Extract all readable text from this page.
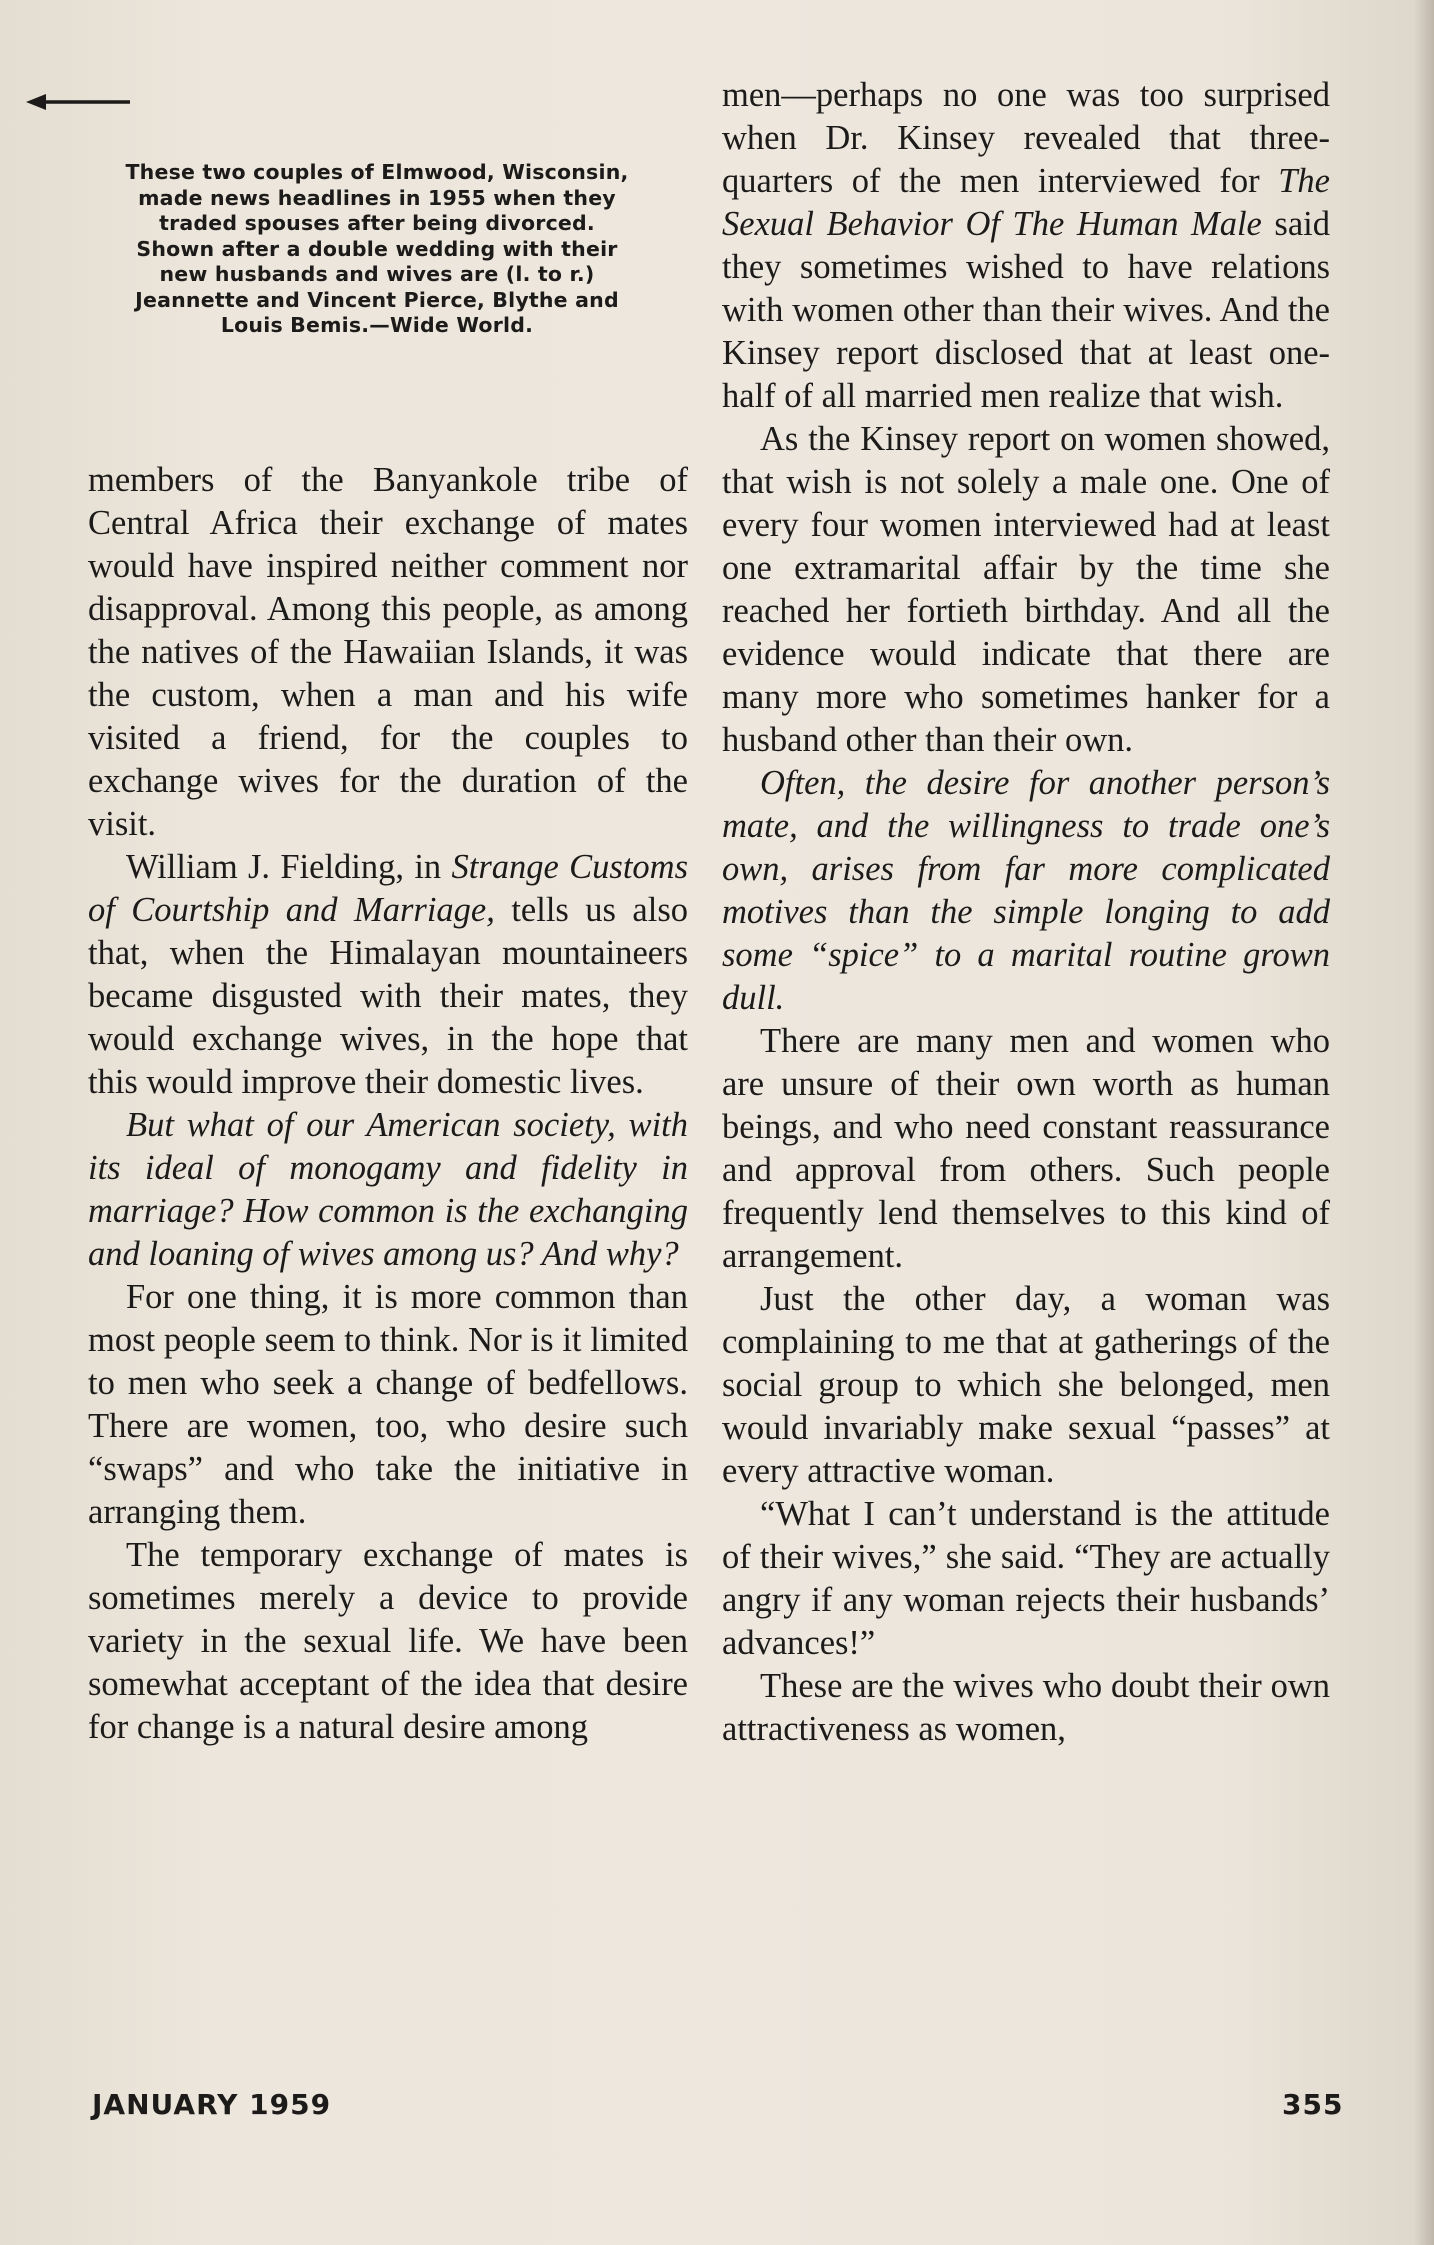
These two couples of Elmwood, Wisconsin,
made news headlines in 1955 when they
traded spouses after being divorced.
Shown after a double wedding with their
new husbands and wives are (l. to r.)
Jeannette and Vincent Pierce, Blythe and
Louis Bemis.—Wide World.

members of the Banyankole tribe of Central Africa their exchange of mates would have inspired neither comment nor disapproval. Among this people, as among the natives of the Hawaiian Islands, it was the custom, when a man and his wife visited a friend, for the couples to exchange wives for the duration of the visit.

William J. Fielding, in Strange Customs of Courtship and Marriage, tells us also that, when the Himalayan mountaineers became disgusted with their mates, they would exchange wives, in the hope that this would improve their domestic lives.

But what of our American society, with its ideal of monogamy and fidelity in marriage? How common is the exchanging and loaning of wives among us? And why?

For one thing, it is more common than most people seem to think. Nor is it limited to men who seek a change of bedfellows. There are women, too, who desire such “swaps” and who take the initiative in arranging them.

The temporary exchange of mates is sometimes merely a device to provide variety in the sexual life. We have been somewhat acceptant of the idea that desire for change is a natural desire among

men—perhaps no one was too surprised when Dr. Kinsey revealed that three-quarters of the men interviewed for The Sexual Behavior Of The Human Male said they sometimes wished to have relations with women other than their wives. And the Kinsey report disclosed that at least one-half of all married men realize that wish.

As the Kinsey report on women showed, that wish is not solely a male one. One of every four women interviewed had at least one extramarital affair by the time she reached her fortieth birthday. And all the evidence would indicate that there are many more who sometimes hanker for a husband other than their own.

Often, the desire for another person’s mate, and the willingness to trade one’s own, arises from far more complicated motives than the simple longing to add some “spice” to a marital routine grown dull.

There are many men and women who are unsure of their own worth as human beings, and who need constant reassurance and approval from others. Such people frequently lend themselves to this kind of arrangement.

Just the other day, a woman was complaining to me that at gatherings of the social group to which she belonged, men would invariably make sexual “passes” at every attractive woman.

“What I can’t understand is the attitude of their wives,” she said. “They are actually angry if any woman rejects their husbands’ advances!”

These are the wives who doubt their own attractiveness as women,

JANUARY 1959	355
